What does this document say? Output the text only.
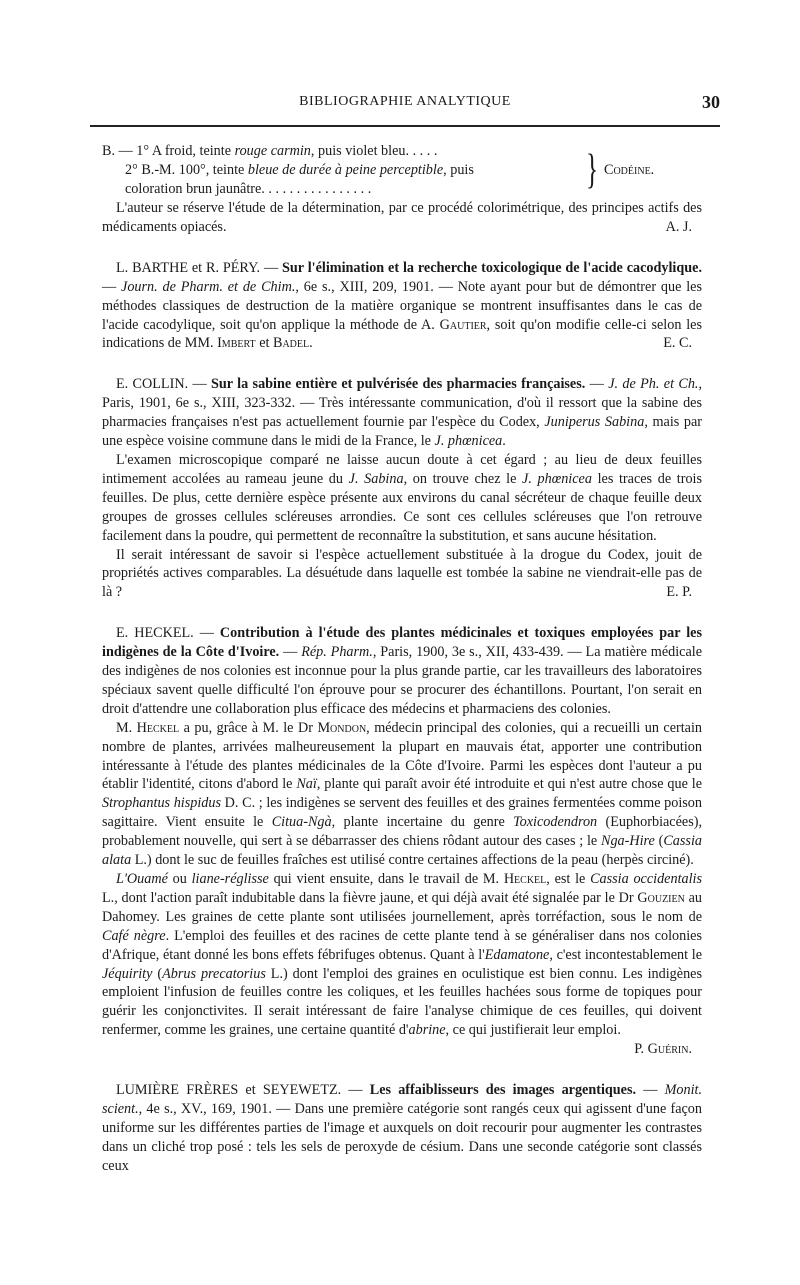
BIBLIOGRAPHIE ANALYTIQUE	30
B. — 1° A froid, teinte rouge carmin, puis violet bleu. . . . .
2° B.-M. 100°, teinte bleue de durée à peine perceptible, puis
coloration brun jaunâtre. . . . . . . . . . . . . . . .	} Codéine.

L'auteur se réserve l'étude de la détermination, par ce procédé colorimétrique, des principes actifs des médicaments opiacés.	A. J.

L. BARTHE et R. PÉRY. — Sur l'élimination et la recherche toxicologique de l'acide cacodylique. — Journ. de Pharm. et de Chim., 6e s., XIII, 209, 1901. — Note ayant pour but de démontrer que les méthodes classiques de destruction de la matière organique se montrent insuffisantes dans le cas de l'acide cacodylique, soit qu'on applique la méthode de A. Gautier, soit qu'on modifie celle-ci selon les indications de MM. Imbert et Badel.	E. C.

E. COLLIN. — Sur la sabine entière et pulvérisée des pharmacies françaises. — J. de Ph. et Ch., Paris, 1901, 6e s., XIII, 323-332. — Très intéressante communication, d'où il ressort que la sabine des pharmacies françaises n'est pas actuellement fournie par l'espèce du Codex, Juniperus Sabina, mais par une espèce voisine commune dans le midi de la France, le J. phœnicea.

L'examen microscopique comparé ne laisse aucun doute à cet égard ; au lieu de deux feuilles intimement accolées au rameau jeune du J. Sabina, on trouve chez le J. phœnicea les traces de trois feuilles. De plus, cette dernière espèce présente aux environs du canal sécréteur de chaque feuille deux groupes de grosses cellules scléreuses arrondies. Ce sont ces cellules scléreuses que l'on retrouve facilement dans la poudre, qui permettent de reconnaître la substitution, et sans aucune hésitation.

Il serait intéressant de savoir si l'espèce actuellement substituée à la drogue du Codex, jouit de propriétés actives comparables. La désuétude dans laquelle est tombée la sabine ne viendrait-elle pas de là ?	E. P.

E. HECKEL. — Contribution à l'étude des plantes médicinales et toxiques employées par les indigènes de la Côte d'Ivoire. — Rép. Pharm., Paris, 1900, 3e s., XII, 433-439. — La matière médicale des indigènes de nos colonies est inconnue pour la plus grande partie, car les travailleurs des laboratoires spéciaux savent quelle difficulté l'on éprouve pour se procurer des échantillons. Pourtant, l'on serait en droit d'attendre une collaboration plus efficace des médecins et pharmaciens des colonies.

M. Heckel a pu, grâce à M. le Dr Mondon, médecin principal des colonies, qui a recueilli un certain nombre de plantes, arrivées malheureusement la plupart en mauvais état, apporter une contribution intéressante à l'étude des plantes médicinales de la Côte d'Ivoire. Parmi les espèces dont l'auteur a pu établir l'identité, citons d'abord le Naï, plante qui paraît avoir été introduite et qui n'est autre chose que le Strophantus hispidus D. C. ; les indigènes se servent des feuilles et des graines fermentées comme poison sagittaire. Vient ensuite le Citua-Ngà, plante incertaine du genre Toxicodendron (Euphorbiacées), probablement nouvelle, qui sert à se débarrasser des chiens rôdant autour des cases ; le Nga-Hire (Cassia alata L.) dont le suc de feuilles fraîches est utilisé contre certaines affections de la peau (herpès circiné).

L'Ouamé ou liane-réglisse qui vient ensuite, dans le travail de M. Heckel, est le Cassia occidentalis L., dont l'action paraît indubitable dans la fièvre jaune, et qui déjà avait été signalée par le Dr Gouzien au Dahomey. Les graines de cette plante sont utilisées journellement, après torréfaction, sous le nom de Café nègre. L'emploi des feuilles et des racines de cette plante tend à se généraliser dans nos colonies d'Afrique, étant donné les bons effets fébrifuges obtenus. Quant à l'Edamatone, c'est incontestablement le Jéquirity (Abrus precatorius L.) dont l'emploi des graines en oculistique est bien connu. Les indigènes emploient l'infusion de feuilles contre les coliques, et les feuilles hachées sous forme de topiques pour guérir les conjonctivites. Il serait intéressant de faire l'analyse chimique de ces feuilles, qui doivent renfermer, comme les graines, une certaine quantité d'abrine, ce qui justifierait leur emploi.

P. Guérin.

LUMIÈRE FRÈRES et SEYEWETZ. — Les affaiblisseurs des images argentiques. — Monit. scient., 4e s., XV., 169, 1901. — Dans une première catégorie sont rangés ceux qui agissent d'une façon uniforme sur les différentes parties de l'image et auxquels on doit recourir pour augmenter les contrastes dans un cliché trop posé : tels les sels de peroxyde de césium. Dans une seconde catégorie sont classés ceux
